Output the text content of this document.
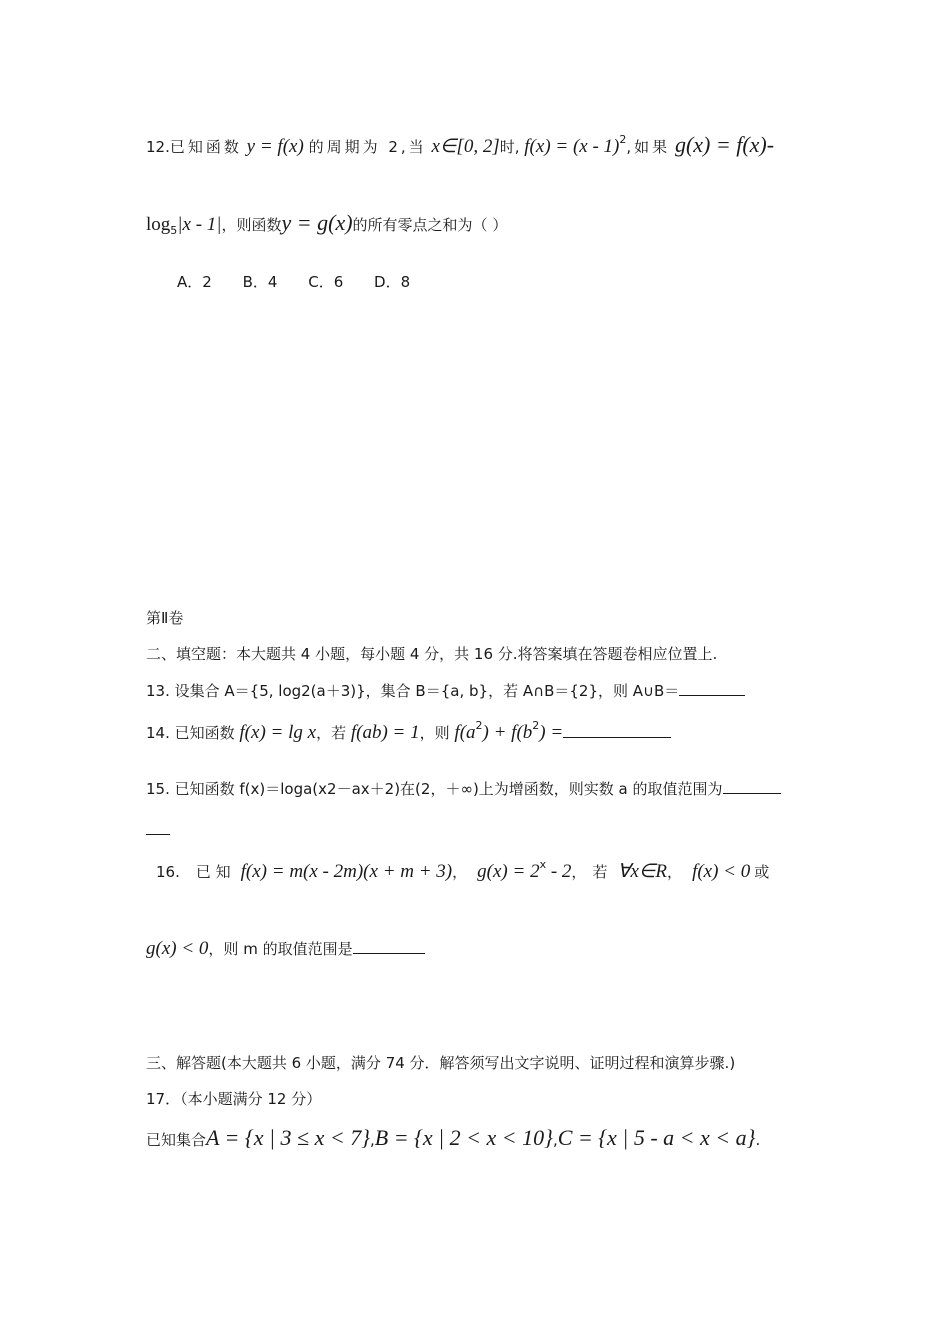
12.已知函数 y = f(x) 的周期为 2,当 x∈[0, 2]时, f(x) = (x - 1)$^2$,如果 g(x) = f(x)-
$\log_5|x - 1|$，则函数y = g(x)的所有零点之和为（ ）
A．2 B．4 C．6 D．8
第Ⅱ卷
二、填空题：本大题共 4 小题，每小题 4 分，共 16 分.将答案填在答题卷相应位置上.
13. 设集合 A＝{5, log2(a＋3)}，集合 B＝{a, b}，若 A∩B＝{2}，则 A∪B＝
14. 已知函数 f(x) = lg x，若 f(ab) = 1，则 $f(a^2) + f(b^2)$ =
15. 已知函数 f(x)＝loga(x2－ax＋2)在(2，＋∞)上为增函数，则实数 a 的取值范围为
16. 已 知 f(x) = m(x - 2m)(x + m + 3)， $g(x) = 2^x - 2$， 若 ∀x∈R， f(x) < 0 或
g(x) < 0，则 m 的取值范围是
三、解答题(本大题共 6 小题，满分 74 分．解答须写出文字说明、证明过程和演算步骤.)
17．（本小题满分 12 分）
已知集合A = {x | 3 ≤ x < 7},B = {x | 2 < x < 10},C = {x | 5 - a < x < a}.
